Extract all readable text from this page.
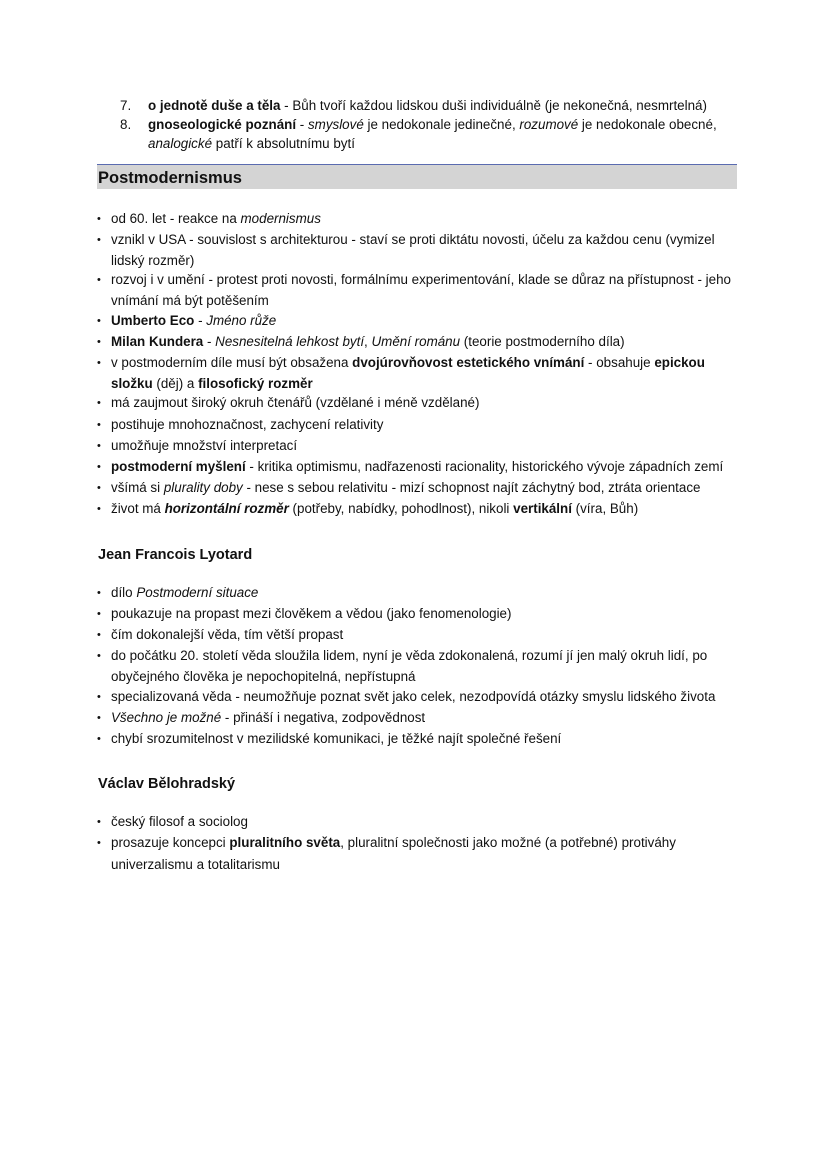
7.	o jednotě duše a těla - Bůh tvoří každou lidskou duši individuálně (je nekonečná, nesmrtelná)
8.	gnoseologické poznání - smyslové je nedokonale jedinečné, rozumové je nedokonale obecné, analogické patří k absolutnímu bytí
Postmodernismus
• od 60. let - reakce na modernismus
• vznikl v USA - souvislost s architekturou - staví se proti diktátu novosti, účelu za každou cenu (vymizel lidský rozměr)
• rozvoj i v umění - protest proti novosti, formálnímu experimentování, klade se důraz na přístupnost - jeho vnímání má být potěšením
• Umberto Eco - Jméno růže
• Milan Kundera - Nesnesitelná lehkost bytí, Umění románu (teorie postmoderního díla)
• v postmoderním díle musí být obsažena dvojúrovňovost estetického vnímání - obsahuje epickou složku (děj) a filosofický rozměr
• má zaujmout široký okruh čtenářů (vzdělané i méně vzdělané)
• postihuje mnohoznačnost, zachycení relativity
• umožňuje množství interpretací
• postmoderní myšlení - kritika optimismu, nadřazenosti racionality, historického vývoje západních zemí
• všímá si plurality doby - nese s sebou relativitu - mizí schopnost najít záchytný bod, ztráta orientace
• život má horizontální rozměr (potřeby, nabídky, pohodlnost), nikoli vertikální (víra, Bůh)
Jean Francois Lyotard
• dílo Postmoderní situace
• poukazuje na propast mezi člověkem a vědou (jako fenomenologie)
• čím dokonalejší věda, tím větší propast
• do počátku 20. století věda sloužila lidem, nyní je věda zdokonalená, rozumí jí jen malý okruh lidí, po obyčejného člověka je nepochopitelná, nepřístupná
• specializovaná věda - neumožňuje poznat svět jako celek, nezodpovídá otázky smyslu lidského života
• Všechno je možné - přináší i negativa, zodpovědnost
• chybí srozumitelnost v mezilidské komunikaci, je těžké najít společné řešení
Václav Bělohradský
• český filosof a sociolog
• prosazuje koncepci pluralitního světa, pluralitní společnosti jako možné (a potřebné) protiváhy univerzalismu a totalitarismu
